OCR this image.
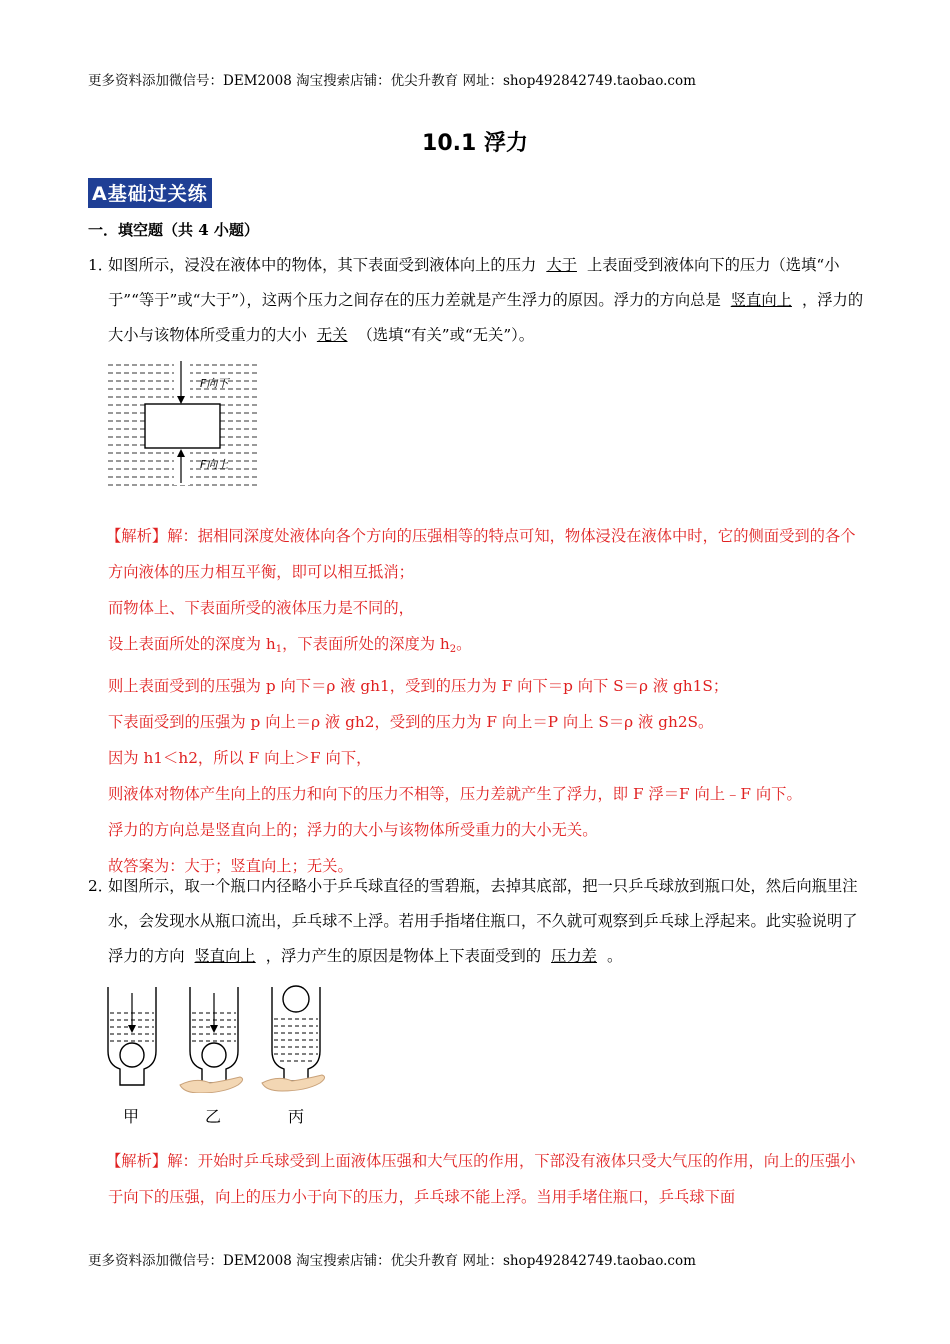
更多资料添加微信号：DEM2008 淘宝搜索店铺：优尖升教育 网址：shop492842749.taobao.com
10.1 浮力
A基础过关练
一．填空题（共 4 小题）
1．
如图所示，浸没在液体中的物体，其下表面受到液体向上的压力 大于 上表面受到液体向下的压力（选填“小于”“等于”或“大于”），这两个压力之间存在的压力差就是产生浮力的原因。浮力的方向总是 竖直向上 ，浮力的大小与该物体所受重力的大小 无关 （选填“有关”或“无关”）。
F向下
F向上
【解析】解：据相同深度处液体向各个方向的压强相等的特点可知，物体浸没在液体中时，它的侧面受到的各个方向液体的压力相互平衡，即可以相互抵消；
而物体上、下表面所受的液体压力是不同的，
设上表面所处的深度为 h1，下表面所处的深度为 h2。
则上表面受到的压强为 p 向下＝ρ 液 gh1，受到的压力为 F 向下＝p 向下 S＝ρ 液 gh1S；
下表面受到的压强为 p 向上＝ρ 液 gh2，受到的压力为 F 向上＝P 向上 S＝ρ 液 gh2S。
因为 h1＜h2，所以 F 向上＞F 向下，
则液体对物体产生向上的压力和向下的压力不相等，压力差就产生了浮力，即 F 浮＝F 向上﹣F 向下。
浮力的方向总是竖直向上的；浮力的大小与该物体所受重力的大小无关。
故答案为：大于；竖直向上；无关。
2．
如图所示，取一个瓶口内径略小于乒乓球直径的雪碧瓶，去掉其底部，把一只乒乓球放到瓶口处，然后向瓶里注水，会发现水从瓶口流出，乒乓球不上浮。若用手指堵住瓶口，不久就可观察到乒乓球上浮起来。此实验说明了浮力的方向 竖直向上 ，浮力产生的原因是物体上下表面受到的 压力差 。
甲	乙	丙
【解析】解：开始时乒乓球受到上面液体压强和大气压的作用，下部没有液体只受大气压的作用，向上的压强小于向下的压强，向上的压力小于向下的压力，乒乓球不能上浮。当用手堵住瓶口，乒乓球下面
更多资料添加微信号：DEM2008 淘宝搜索店铺：优尖升教育 网址：shop492842749.taobao.com
